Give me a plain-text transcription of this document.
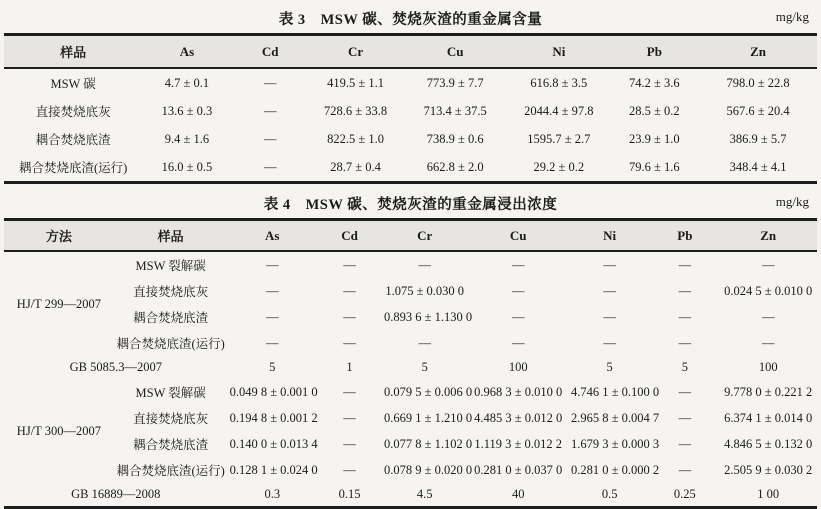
表 3　MSW 碳、焚烧灰渣的重金属含量	mg/kg
样品	As	Cd	Cr	Cu	Ni	Pb	Zn
MSW 碳	4.7 ± 0.1	—	419.5 ± 1.1	773.9 ± 7.7	616.8 ± 3.5	74.2 ± 3.6	798.0 ± 22.8
直接焚烧底灰	13.6 ± 0.3	—	728.6 ± 33.8	713.4 ± 37.5	2044.4 ± 97.8	28.5 ± 0.2	567.6 ± 20.4
耦合焚烧底渣	9.4 ± 1.6	—	822.5 ± 1.0	738.9 ± 0.6	1595.7 ± 2.7	23.9 ± 1.0	386.9 ± 5.7
耦合焚烧底渣(运行)	16.0 ± 0.5	—	28.7 ± 0.4	662.8 ± 2.0	29.2 ± 0.2	79.6 ± 1.6	348.4 ± 4.1
表 4　MSW 碳、焚烧灰渣的重金属浸出浓度	mg/kg
方法	样品	As	Cd	Cr	Cu	Ni	Pb	Zn
HJ/T 299—2007	MSW 裂解碳	—	—	—	—	—	—	—
	直接焚烧底灰	—	—	1.075 ± 0.030 0	—	—	—	0.024 5 ± 0.010 0
	耦合焚烧底渣	—	—	0.893 6 ± 1.130 0	—	—	—	—
	耦合焚烧底渣(运行)	—	—	—	—	—	—	—
GB 5085.3—2007		5	1	5	100	5	5	100
HJ/T 300—2007	MSW 裂解碳	0.049 8 ± 0.001 0	—	0.079 5 ± 0.006 0	0.968 3 ± 0.010 0	4.746 1 ± 0.100 0	—	9.778 0 ± 0.221 2
	直接焚烧底灰	0.194 8 ± 0.001 2	—	0.669 1 ± 1.210 0	4.485 3 ± 0.012 0	2.965 8 ± 0.004 7	—	6.374 1 ± 0.014 0
	耦合焚烧底渣	0.140 0 ± 0.013 4	—	0.077 8 ± 1.102 0	1.119 3 ± 0.012 2	1.679 3 ± 0.000 3	—	4.846 5 ± 0.132 0
	耦合焚烧底渣(运行)	0.128 1 ± 0.024 0	—	0.078 9 ± 0.020 0	0.281 0 ± 0.037 0	0.281 0 ± 0.000 2	—	2.505 9 ± 0.030 2
GB 16889—2008		0.3	0.15	4.5	40	0.5	0.25	1 00
